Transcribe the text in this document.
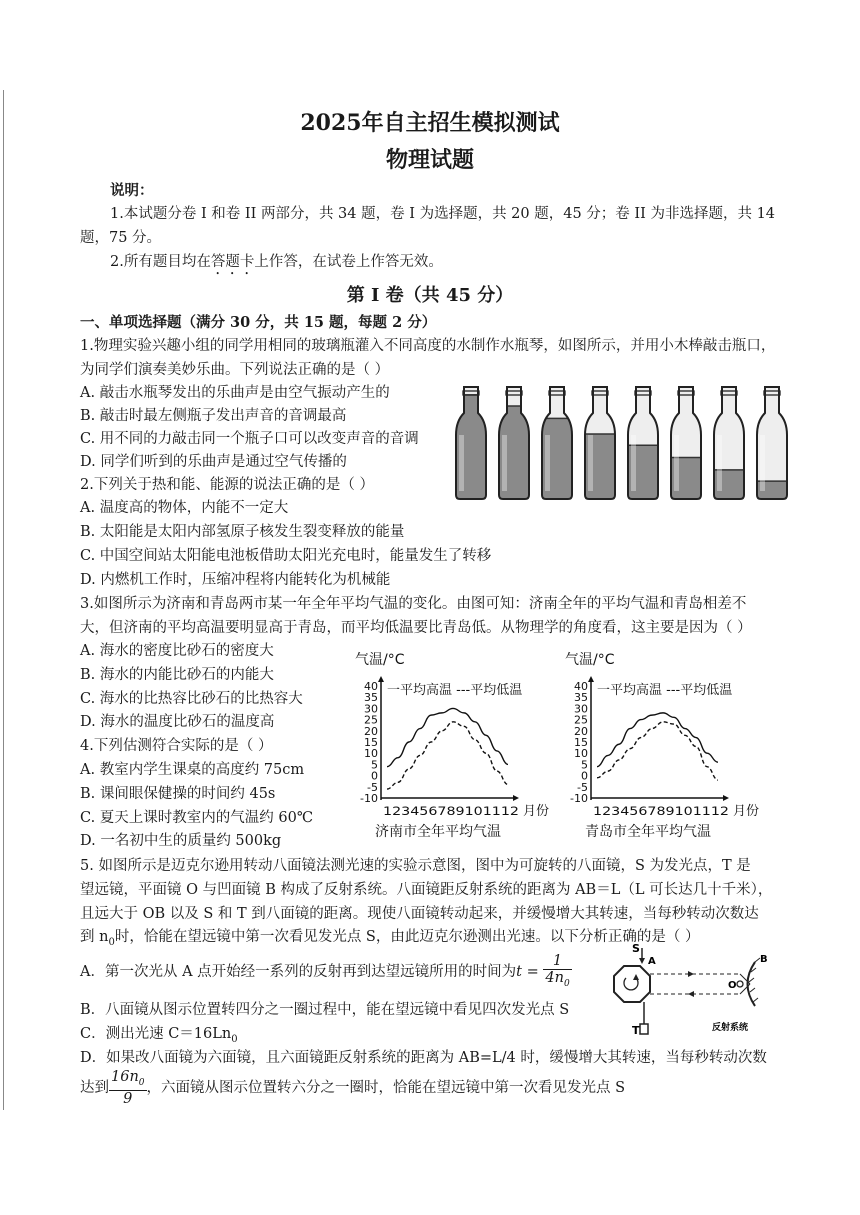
2025年自主招生模拟测试
物理试题
说明：
1.本试题分卷 I 和卷 II 两部分，共 34 题，卷 I 为选择题，共 20 题，45 分；卷 II 为非选择题，共 14
题，75 分。
2.所有题目均在答题卡上作答，在试卷上作答无效。
第 I 卷（共 45 分）
一、单项选择题（满分 30 分，共 15 题，每题 2 分）
1.物理实验兴趣小组的同学用相同的玻璃瓶灌入不同高度的水制作水瓶琴，如图所示，并用小木棒敲击瓶口，
为同学们演奏美妙乐曲。下列说法正确的是（ ）
A. 敲击水瓶琴发出的乐曲声是由空气振动产生的
B. 敲击时最左侧瓶子发出声音的音调最高
C. 用不同的力敲击同一个瓶子口可以改变声音的音调
D. 同学们听到的乐曲声是通过空气传播的
2.下列关于热和能、能源的说法正确的是（ ）
A. 温度高的物体，内能不一定大
B. 太阳能是太阳内部氢原子核发生裂变释放的能量
C. 中国空间站太阳能电池板借助太阳光充电时，能量发生了转移
D. 内燃机工作时，压缩冲程将内能转化为机械能
3.如图所示为济南和青岛两市某一年全年平均气温的变化。由图可知：济南全年的平均气温和青岛相差不
大，但济南的平均高温要明显高于青岛，而平均低温要比青岛低。从物理学的角度看，这主要是因为（ ）
A. 海水的密度比砂石的密度大
B. 海水的内能比砂石的内能大
C. 海水的比热容比砂石的比热容大
D. 海水的温度比砂石的温度高
气温/°C
一平均高温 ---平均低温
40
35
30
25
20
15
10
5
0
-5
-10
123456789101112 月份
济南市全年平均气温
气温/°C
一平均高温 ---平均低温
40
35
30
25
20
15
10
5
0
-5
-10
123456789101112 月份
青岛市全年平均气温
4.下列估测符合实际的是（ ）
A. 教室内学生课桌的高度约 75cm
B. 课间眼保健操的时间约 45s
C. 夏天上课时教室内的气温约 60℃
D. 一名初中生的质量约 500kg
5. 如图所示是迈克尔逊用转动八面镜法测光速的实验示意图，图中为可旋转的八面镜，S 为发光点，T 是
望远镜，平面镜 O 与凹面镜 B 构成了反射系统。八面镜距反射系统的距离为 AB＝L（L 可长达几十千米），
且远大于 OB 以及 S 和 T 到八面镜的距离。现使八面镜转动起来，并缓慢增大其转速，当每秒转动次数达
到 $n_0$时，恰能在望远镜中第一次看见发光点 S，由此迈克尔逊测出光速。以下分析正确的是（ ）
A．第一次光从 A 点开始经一系列的反射再到达望远镜所用的时间为$t = \frac{1}{4n_0}$
B．八面镜从图示位置转四分之一圈过程中，能在望远镜中看见四次发光点 S
C．测出光速 $C=16Ln_0$
D．如果改八面镜为六面镜，且六面镜距反射系统的距离为 AB=L/4 时，缓慢增大其转速，当每秒转动次数
达到 $\frac{16n_0}{9}$ ，六面镜从图示位置转六分之一圈时，恰能在望远镜中第一次看见发光点 S
S
A
T
O
B
反射系统
